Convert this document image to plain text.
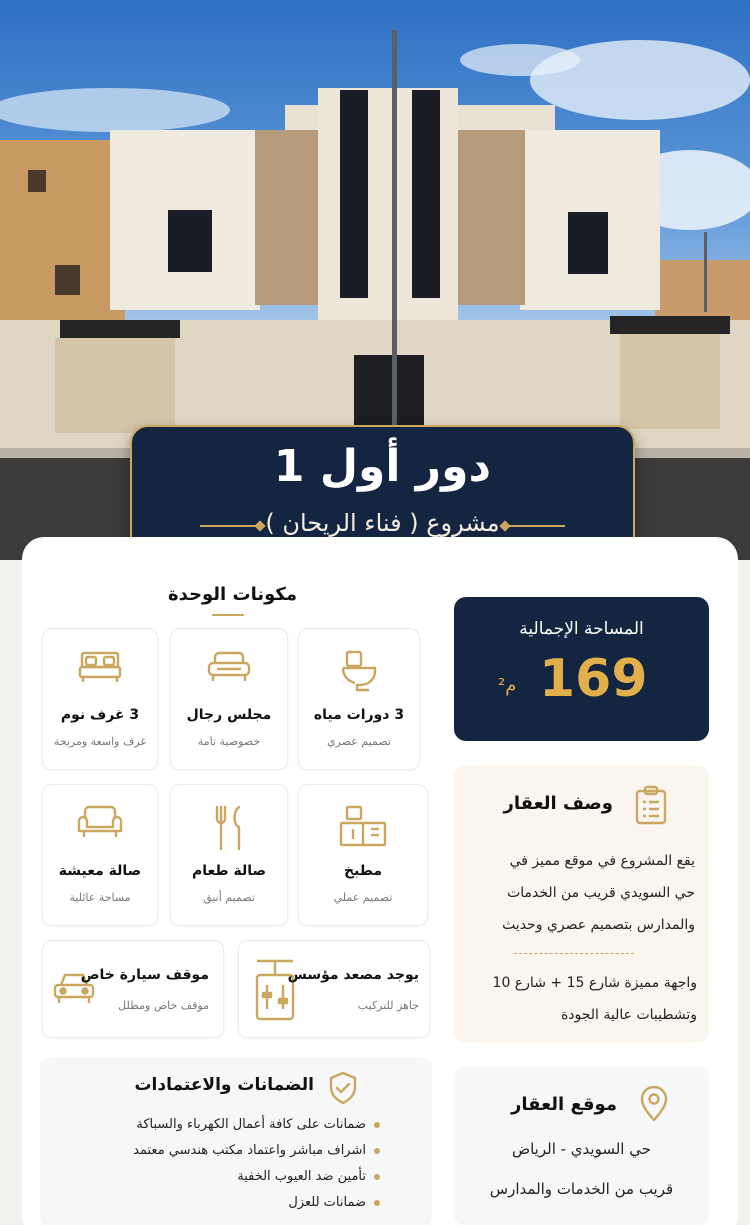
دور أول 1
مشروع ( فناء الريحان )
مكونات الوحدة
3 دورات مياه
تصميم عصري
مجلس رجال
خصوصية تامة
3 غرف نوم
غرف واسعة ومريحة
مطبخ
تصميم عملي
صالة طعام
تصميم أنيق
صالة معيشة
مساحة عائلية
يوجد مصعد مؤسس
جاهز للتركيب
موقف سيارة خاص
موقف خاص ومظلل
المساحة الإجمالية
169
م²
وصف العقار
يقع المشروع في موقع مميز في
حي السويدي قريب من الخدمات
والمدارس بتصميم عصري وحديث
واجهة مميزة شارع 15 + شارع 10
وتشطيبات عالية الجودة
الضمانات والاعتمادات
ضمانات على كافة أعمال الكهرباء والسباكة
اشراف مباشر واعتماد مكتب هندسي معتمد
تأمين ضد العيوب الخفية
ضمانات للعزل
موقع العقار
حي السويدي - الرياض
قريب من الخدمات والمدارس
